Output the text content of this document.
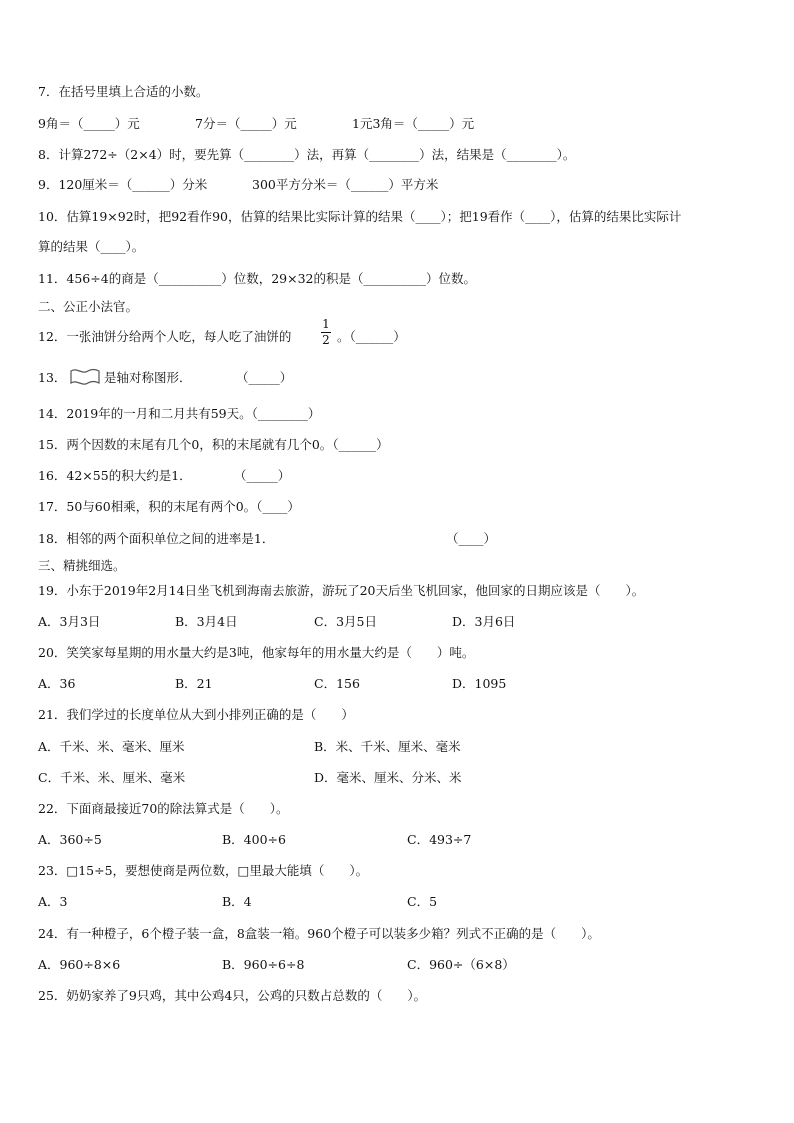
7．在括号里填上合适的小数。
9角＝（_____）元	7分＝（_____）元	1元3角＝（_____）元
8．计算272÷（2×4）时，要先算（________）法，再算（________）法，结果是（________）。
9．120厘米＝（______）分米	300平方分米＝（______）平方米
10．估算19×92时，把92看作90，估算的结果比实际计算的结果（____）；把19看作（____），估算的结果比实际计
算的结果（____）。
11．456÷4的商是（__________）位数，29×32的积是（__________）位数。
二、公正小法官。
12．一张油饼分给两个人吃，每人吃了油饼的
1
2 。（______）
13．	是轴对称图形．	（_____）
14．2019年的一月和二月共有59天。（________）
15．两个因数的末尾有几个0，积的末尾就有几个0。（______）
16．42×55的积大约是1．	（_____）
17．50与60相乘，积的末尾有两个0。（____）
18．相邻的两个面积单位之间的进率是1．	（____）
三、精挑细选。
19．小东于2019年2月14日坐飞机到海南去旅游，游玩了20天后坐飞机回家，他回家的日期应该是（　　）。
A．3月3日	B．3月4日	C．3月5日	D．3月6日
20．笑笑家每星期的用水量大约是3吨，他家每年的用水量大约是（　　）吨。
A．36	B．21	C．156	D．1095
21．我们学过的长度单位从大到小排列正确的是（　　）
A．千米、米、毫米、厘米	B．米、千米、厘米、毫米
C．千米、米、厘米、毫米	D．毫米、厘米、分米、米
22．下面商最接近70的除法算式是（　　）。
A．360÷5	B．400÷6	C．493÷7
23．□15÷5，要想使商是两位数，□里最大能填（　　）。
A．3	B．4	C．5
24．有一种橙子，6个橙子装一盒，8盒装一箱。960个橙子可以装多少箱？列式不正确的是（　　）。
A．960÷8×6	B．960÷6÷8	C．960÷（6×8）
25．奶奶家养了9只鸡，其中公鸡4只，公鸡的只数占总数的（　　）。
